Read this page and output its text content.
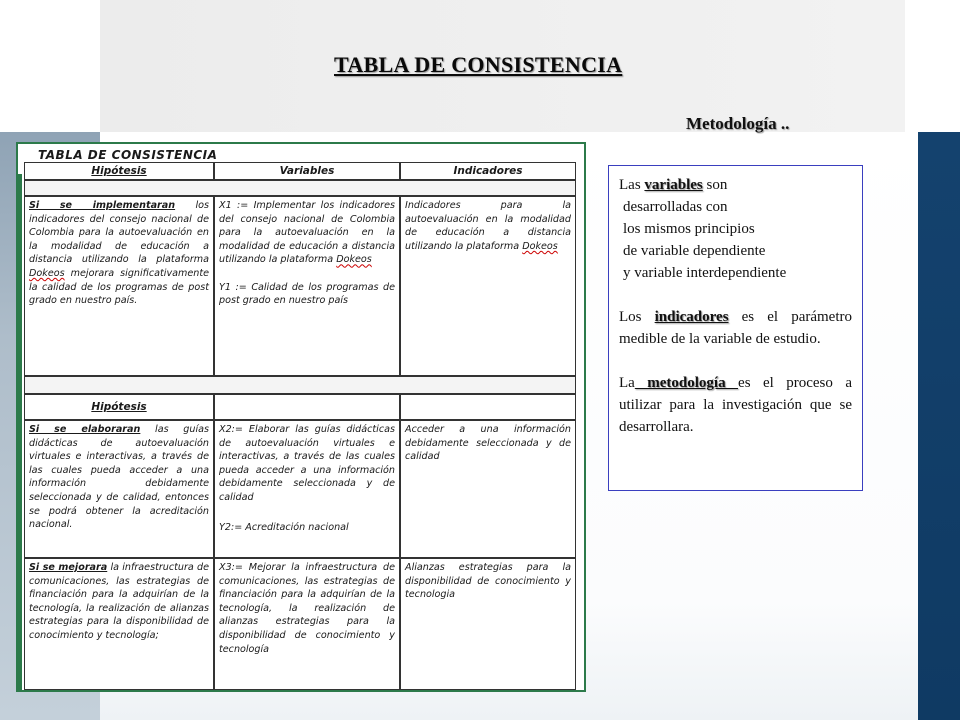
TABLA DE CONSISTENCIA
Metodología ..
TABLA DE CONSISTENCIA
Hipótesis	Variables	Indicadores
Si se implementaran los indicadores del consejo nacional de Colombia para la autoevaluación en la modalidad de educación a distancia utilizando la plataforma Dokeos mejorara significativamente la calidad de los programas de post grado en nuestro país.
X1 := Implementar los indicadores del consejo nacional de Colombia para la autoevaluación en la modalidad de educación a distancia utilizando la plataforma Dokeos

Y1 := Calidad de los programas de post grado en nuestro país
Indicadores para la autoevaluación en la modalidad de educación a distancia utilizando la plataforma Dokeos
Hipótesis
Si se elaboraran las guías didácticas de autoevaluación virtuales e interactivas, a través de las cuales pueda acceder a una información debidamente seleccionada y de calidad, entonces se podrá obtener la acreditación nacional.
X2:= Elaborar las guías didácticas de autoevaluación virtuales e interactivas, a través de las cuales pueda acceder a una información debidamente seleccionada y de calidad

Y2:= Acreditación nacional
Acceder a una información debidamente seleccionada y de calidad
Si se mejorara la infraestructura de comunicaciones, las estrategias de financiación para la adquirían de la tecnología, la realización de alianzas estrategias para la disponibilidad de conocimiento y tecnología;
X3:= Mejorar la infraestructura de comunicaciones, las estrategias de financiación para la adquirían de la tecnología, la realización de alianzas estrategias para la disponibilidad de conocimiento y tecnología
Alianzas estrategias para la disponibilidad de conocimiento y tecnologia

Las variables son
desarrolladas con
los mismos principios
de variable dependiente
y variable interdependiente

Los indicadores es el parámetro medible de la variable de estudio.

La metodología es el proceso a utilizar para la investigación que se desarrollara.
